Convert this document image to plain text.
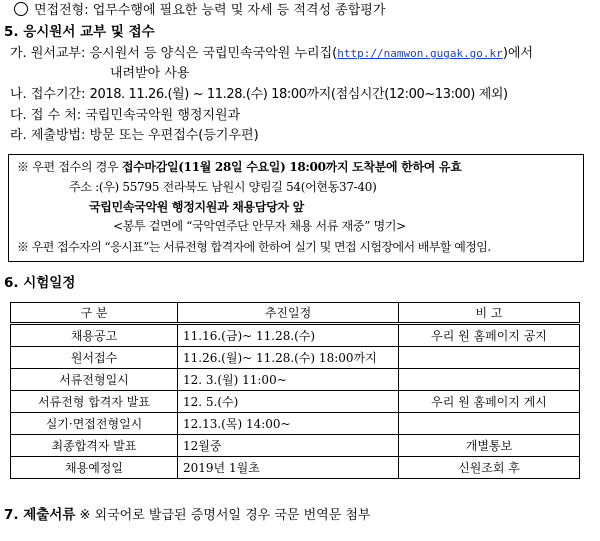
면접전형: 업무수행에 필요한 능력 및 자세 등 적격성 종합평가
5. 응시원서 교부 및 접수
가. 원서교부: 응시원서 등 양식은 국립민속국악원 누리집(http://namwon.gugak.go.kr)에서
내려받아 사용
나. 접수기간: 2018. 11.26.(월) ~ 11.28.(수) 18:00까지(점심시간(12:00~13:00) 제외)
다. 접 수 처: 국립민속국악원 행정지원과
라. 제출방법: 방문 또는 우편접수(등기우편)
※ 우편 접수의 경우 접수마감일(11월 28일 수요일) 18:00까지 도착분에 한하여 유효
주소 :(우) 55795 전라북도 남원시 양림길 54(어현동37-40)
국립민속국악원 행정지원과 채용담당자 앞
<봉투 겉면에 “국악연주단 안무자 채용 서류 재중” 명기>
※ 우편 접수자의 “응시표”는 서류전형 합격자에 한하여 실기 및 면접 시험장에서 배부할 예정임.
6. 시험일정
구 분	추진일정	비 고
채용공고	11.16.(금)~ 11.28.(수)	우리 원 홈페이지 공지
원서접수	11.26.(월)~ 11.28.(수) 18:00까지	
서류전형일시	12. 3.(월) 11:00~	
서류전형 합격자 발표	12. 5.(수)	우리 원 홈페이지 게시
실기·면접전형일시	12.13.(목) 14:00~	
최종합격자 발표	12월중	개별통보
채용예정일	2019년 1월초	신원조회 후
7. 제출서류 ※ 외국어로 발급된 증명서일 경우 국문 번역문 첨부
